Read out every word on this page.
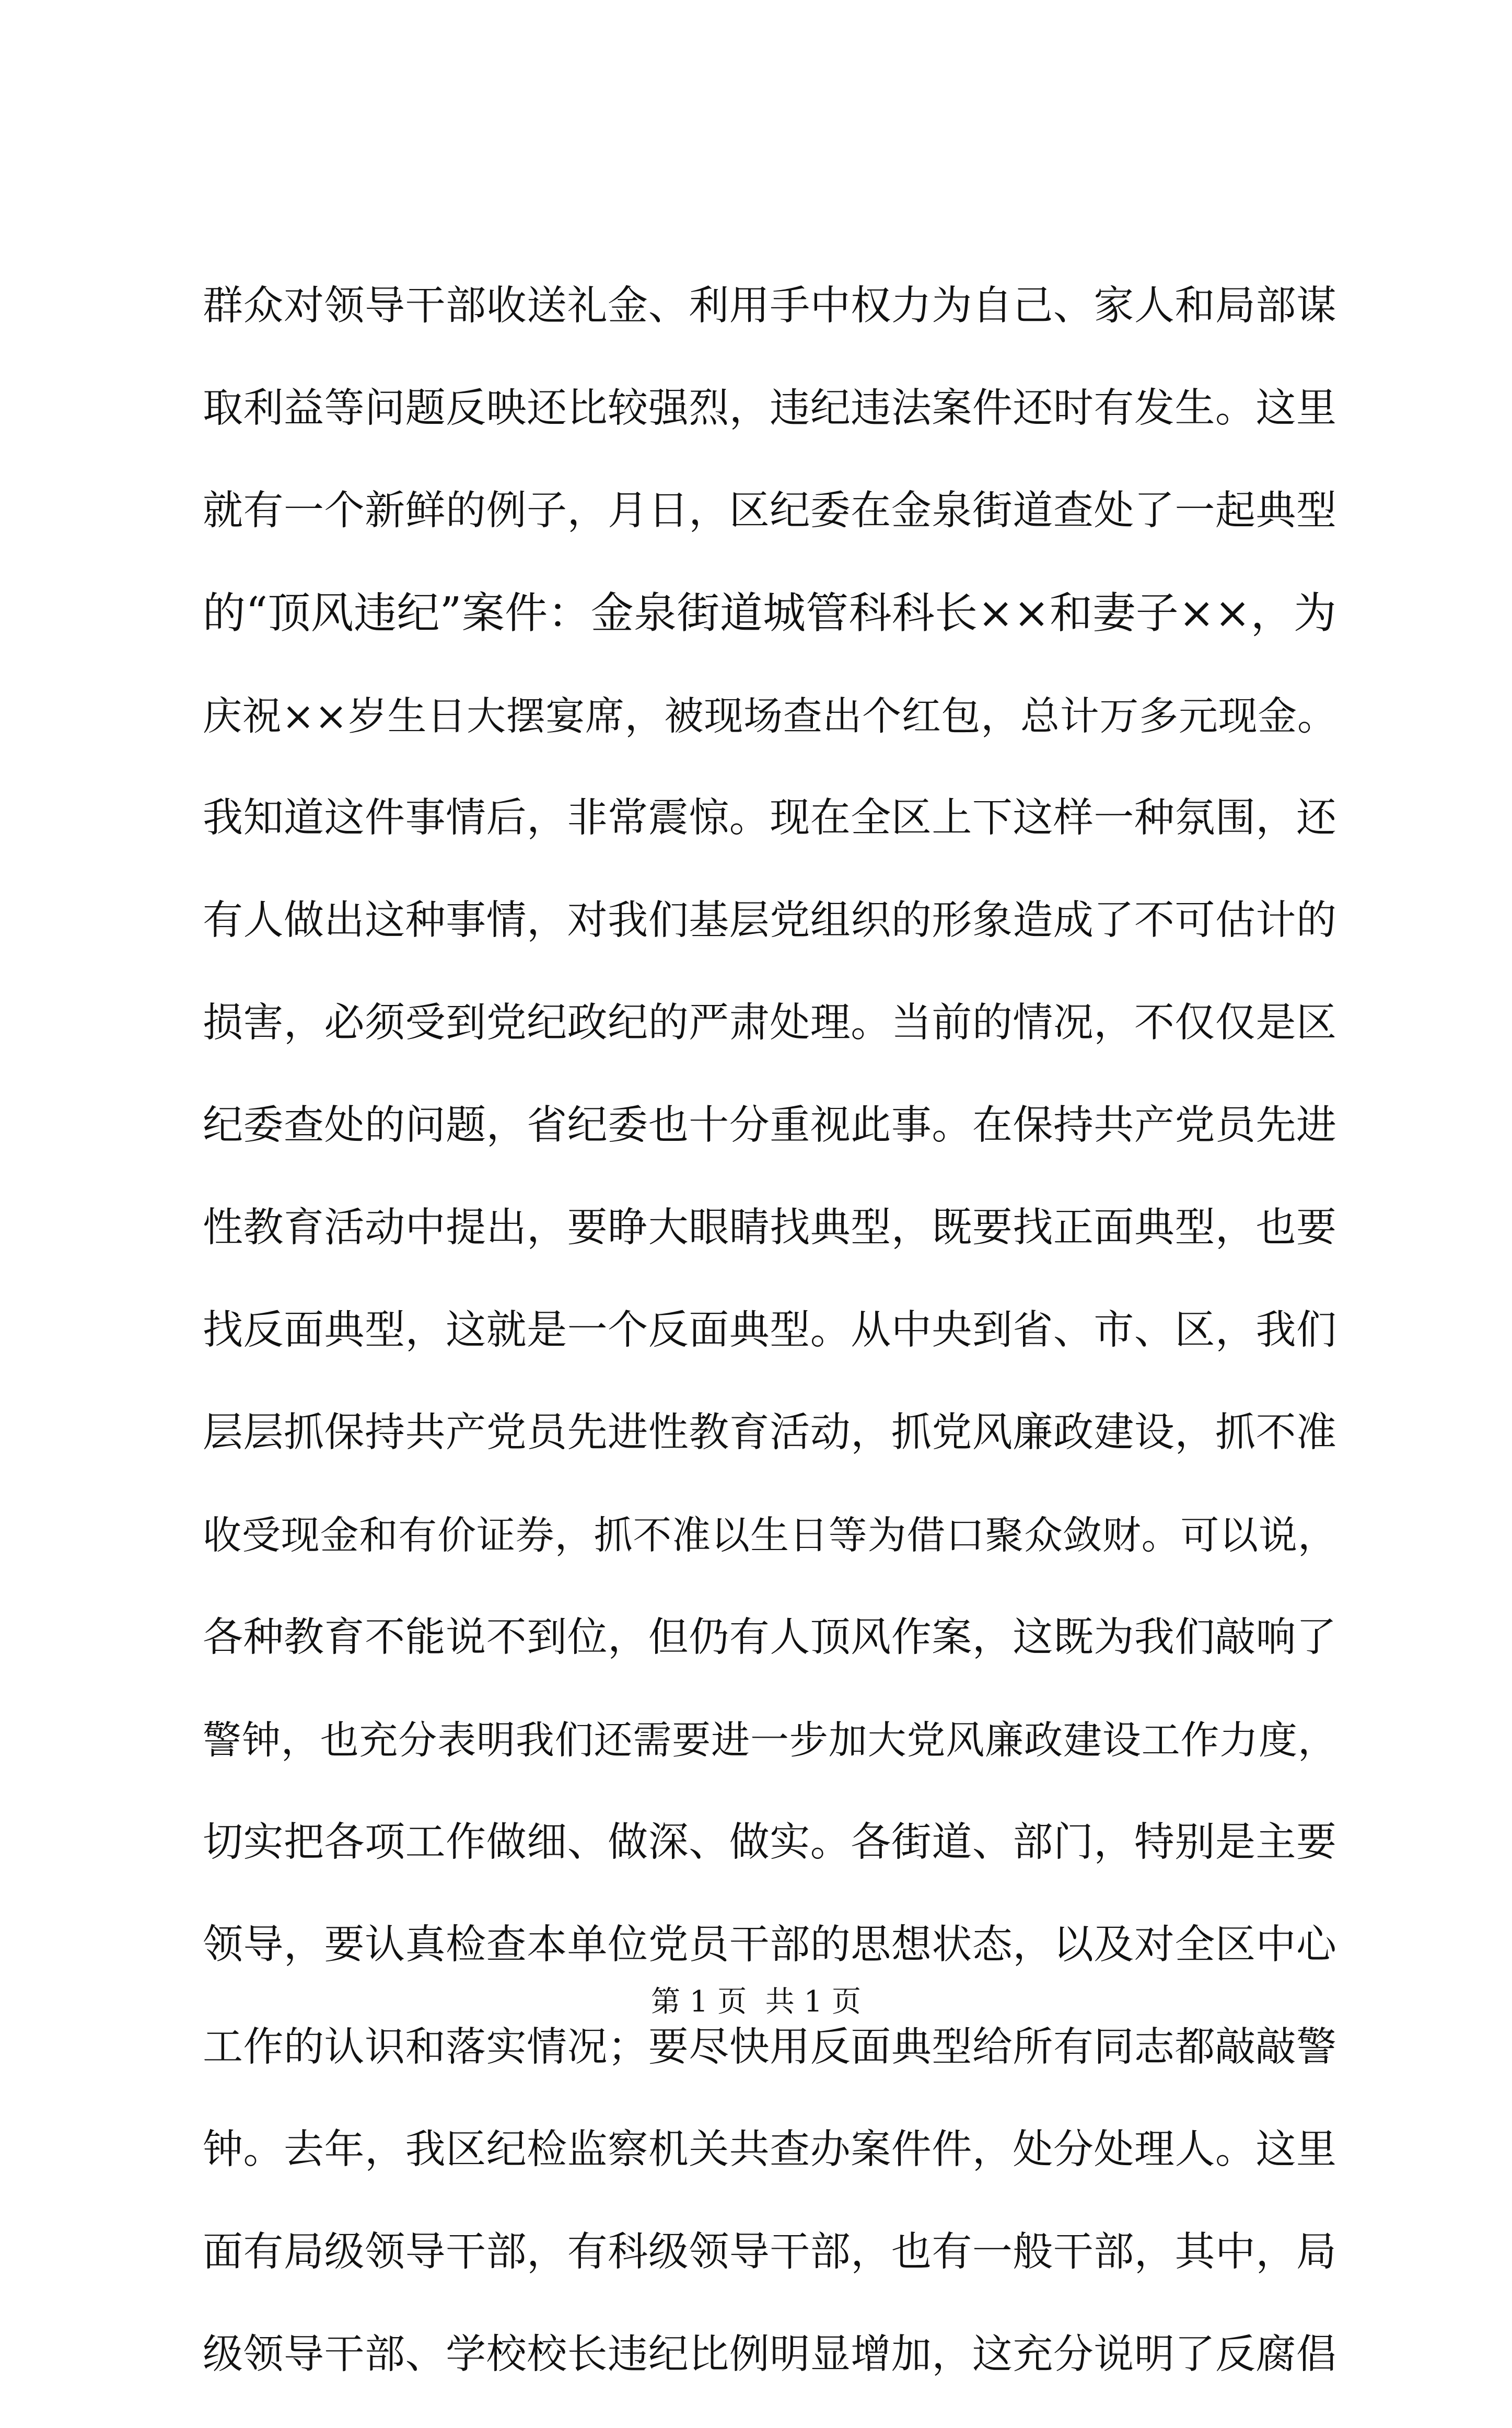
群众对领导干部收送礼金、利用手中权力为自己、家人和局部谋
取利益等问题反映还比较强烈，违纪违法案件还时有发生。这里
就有一个新鲜的例子，月日，区纪委在金泉街道查处了一起典型
的“顶风违纪”案件：金泉街道城管科科长××和妻子××，为
庆祝××岁生日大摆宴席，被现场查出个红包，总计万多元现金。
我知道这件事情后，非常震惊。现在全区上下这样一种氛围，还
有人做出这种事情，对我们基层党组织的形象造成了不可估计的
损害，必须受到党纪政纪的严肃处理。当前的情况，不仅仅是区
纪委查处的问题，省纪委也十分重视此事。在保持共产党员先进
性教育活动中提出，要睁大眼睛找典型，既要找正面典型，也要
找反面典型，这就是一个反面典型。从中央到省、市、区，我们
层层抓保持共产党员先进性教育活动，抓党风廉政建设，抓不准
收受现金和有价证券，抓不准以生日等为借口聚众敛财。可以说，
各种教育不能说不到位，但仍有人顶风作案，这既为我们敲响了
警钟，也充分表明我们还需要进一步加大党风廉政建设工作力度，
切实把各项工作做细、做深、做实。各街道、部门，特别是主要
领导，要认真检查本单位党员干部的思想状态，以及对全区中心
工作的认识和落实情况；要尽快用反面典型给所有同志都敲敲警
钟。去年，我区纪检监察机关共查办案件件，处分处理人。这里
面有局级领导干部，有科级领导干部，也有一般干部，其中，局
级领导干部、学校校长违纪比例明显增加，这充分说明了反腐倡
第 1 页  共 1 页
